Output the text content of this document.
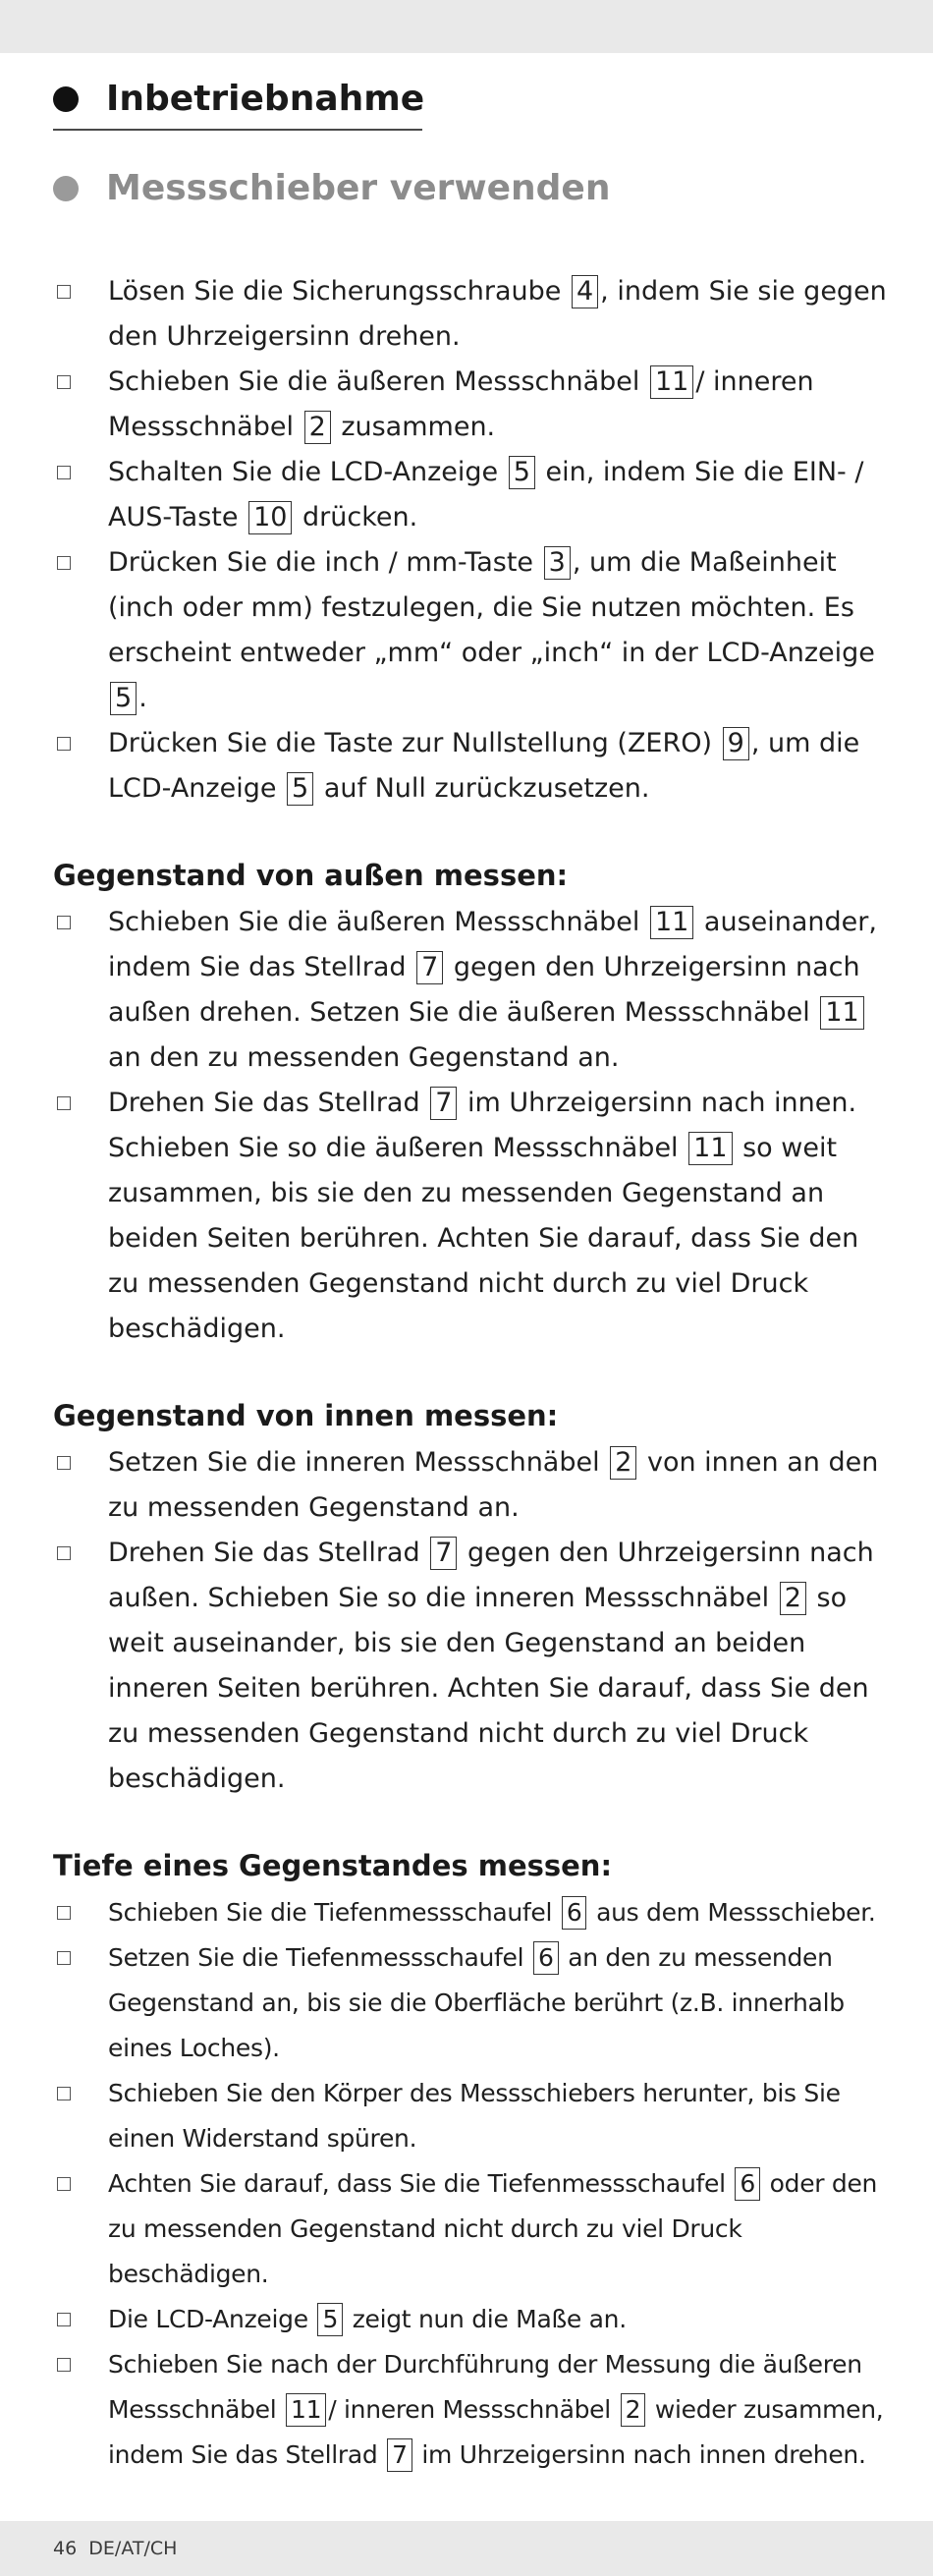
Inbetriebnahme
Messschieber verwenden
Lösen Sie die Sicherungsschraube 4 , indem Sie sie gegen den Uhrzeigersinn drehen.
Schieben Sie die äußeren Messschnäbel 11 / inneren Messschnäbel 2 zusammen.
Schalten Sie die LCD-Anzeige 5 ein, indem Sie die EIN- / AUS-Taste 10 drücken.
Drücken Sie die inch / mm-Taste 3 , um die Maßeinheit (inch oder mm) festzulegen, die Sie nutzen möchten. Es erscheint entweder „mm“ oder „inch“ in der LCD-Anzeige 5 .
Drücken Sie die Taste zur Nullstellung (ZERO) 9 , um die LCD-Anzeige 5 auf Null zurückzusetzen.
Gegenstand von außen messen:
Schieben Sie die äußeren Messschnäbel 11 auseinander, indem Sie das Stellrad 7 gegen den Uhrzeigersinn nach außen drehen. Setzen Sie die äußeren Messschnäbel 11 an den zu messenden Gegenstand an.
Drehen Sie das Stellrad 7 im Uhrzeigersinn nach innen. Schieben Sie so die äußeren Messschnäbel 11 so weit zusammen, bis sie den zu messenden Gegenstand an beiden Seiten berühren. Achten Sie darauf, dass Sie den zu messenden Gegenstand nicht durch zu viel Druck beschädigen.
Gegenstand von innen messen:
Setzen Sie die inneren Messschnäbel 2 von innen an den zu messenden Gegenstand an.
Drehen Sie das Stellrad 7 gegen den Uhrzeigersinn nach außen. Schieben Sie so die inneren Messschnäbel 2 so weit auseinander, bis sie den Gegenstand an beiden inneren Seiten berühren. Achten Sie darauf, dass Sie den zu messenden Gegenstand nicht durch zu viel Druck beschädigen.
Tiefe eines Gegenstandes messen:
Schieben Sie die Tiefenmessschaufel 6 aus dem Messschieber.
Setzen Sie die Tiefenmessschaufel 6 an den zu messenden Gegenstand an, bis sie die Oberfläche berührt (z.B. innerhalb eines Loches).
Schieben Sie den Körper des Messschiebers herunter, bis Sie einen Widerstand spüren.
Achten Sie darauf, dass Sie die Tiefenmessschaufel 6 oder den zu messenden Gegenstand nicht durch zu viel Druck beschädigen.
Die LCD-Anzeige 5 zeigt nun die Maße an.
Schieben Sie nach der Durchführung der Messung die äußeren Messschnäbel 11 / inneren Messschnäbel 2 wieder zusammen, indem Sie das Stellrad 7 im Uhrzeigersinn nach innen drehen.
46 DE/AT/CH
